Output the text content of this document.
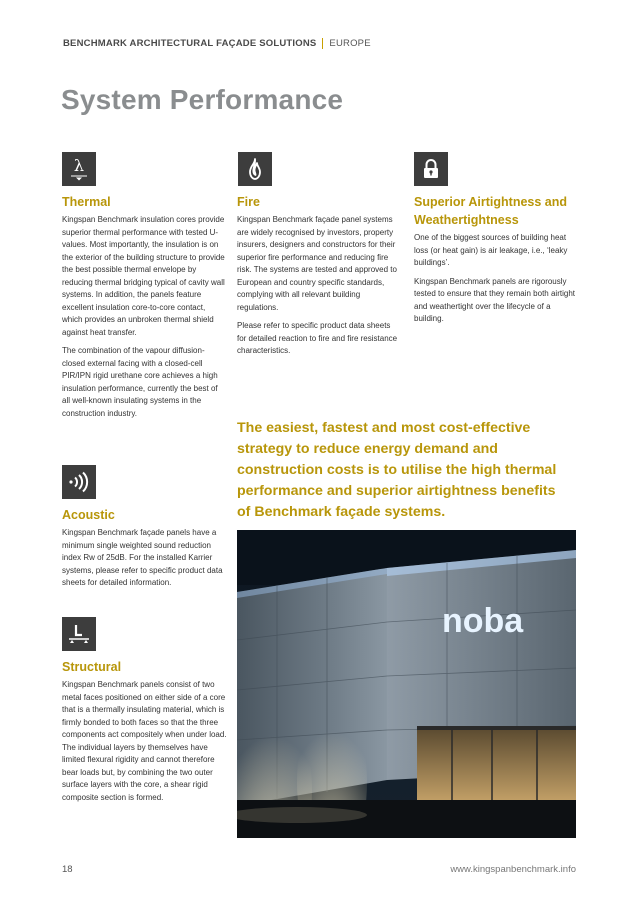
BENCHMARK ARCHITECTURAL FAÇADE SOLUTIONS EUROPE
System Performance
λ
Thermal

Kingspan Benchmark insulation cores provide superior thermal performance with tested U-values. Most importantly, the insulation is on the exterior of the building structure to provide the best possible thermal envelope by reducing thermal bridging typical of cavity wall systems. In addition, the panels feature excellent insulation core-to-core contact, which provides an unbroken thermal shield against heat transfer.

The combination of the vapour diffusion-closed external facing with a closed-cell PIR/IPN rigid urethane core achieves a high insulation performance, currently the best of all well-known insulating systems in the construction industry.

Fire

Kingspan Benchmark façade panel systems are widely recognised by investors, property insurers, designers and constructors for their superior fire performance and reducing fire risk. The systems are tested and approved to European and country specific standards, complying with all relevant building regulations.

Please refer to specific product data sheets for detailed reaction to fire and fire resistance characteristics.

Superior Airtightness and Weathertightness

One of the biggest sources of building heat loss (or heat gain) is air leakage, i.e., ‘leaky buildings’.

Kingspan Benchmark panels are rigorously tested to ensure that they remain both airtight and weathertight over the lifecycle of a building.

The easiest, fastest and most cost-effective strategy to reduce energy demand and construction costs is to utilise the high thermal performance and superior airtightness benefits of Benchmark façade systems.

Acoustic

Kingspan Benchmark façade panels have a minimum single weighted sound reduction index Rw of 25dB. For the installed Karrier systems, please refer to specific product data sheets for detailed information.

Structural

Kingspan Benchmark panels consist of two metal faces positioned on either side of a core that is a thermally insulating material, which is firmly bonded to both faces so that the three components act compositely when under load. The individual layers by themselves have limited flexural rigidity and cannot therefore bear loads but, by combining the two outer surface layers with the core, a shear rigid composite section is formed.

noba
18	www.kingspanbenchmark.info
